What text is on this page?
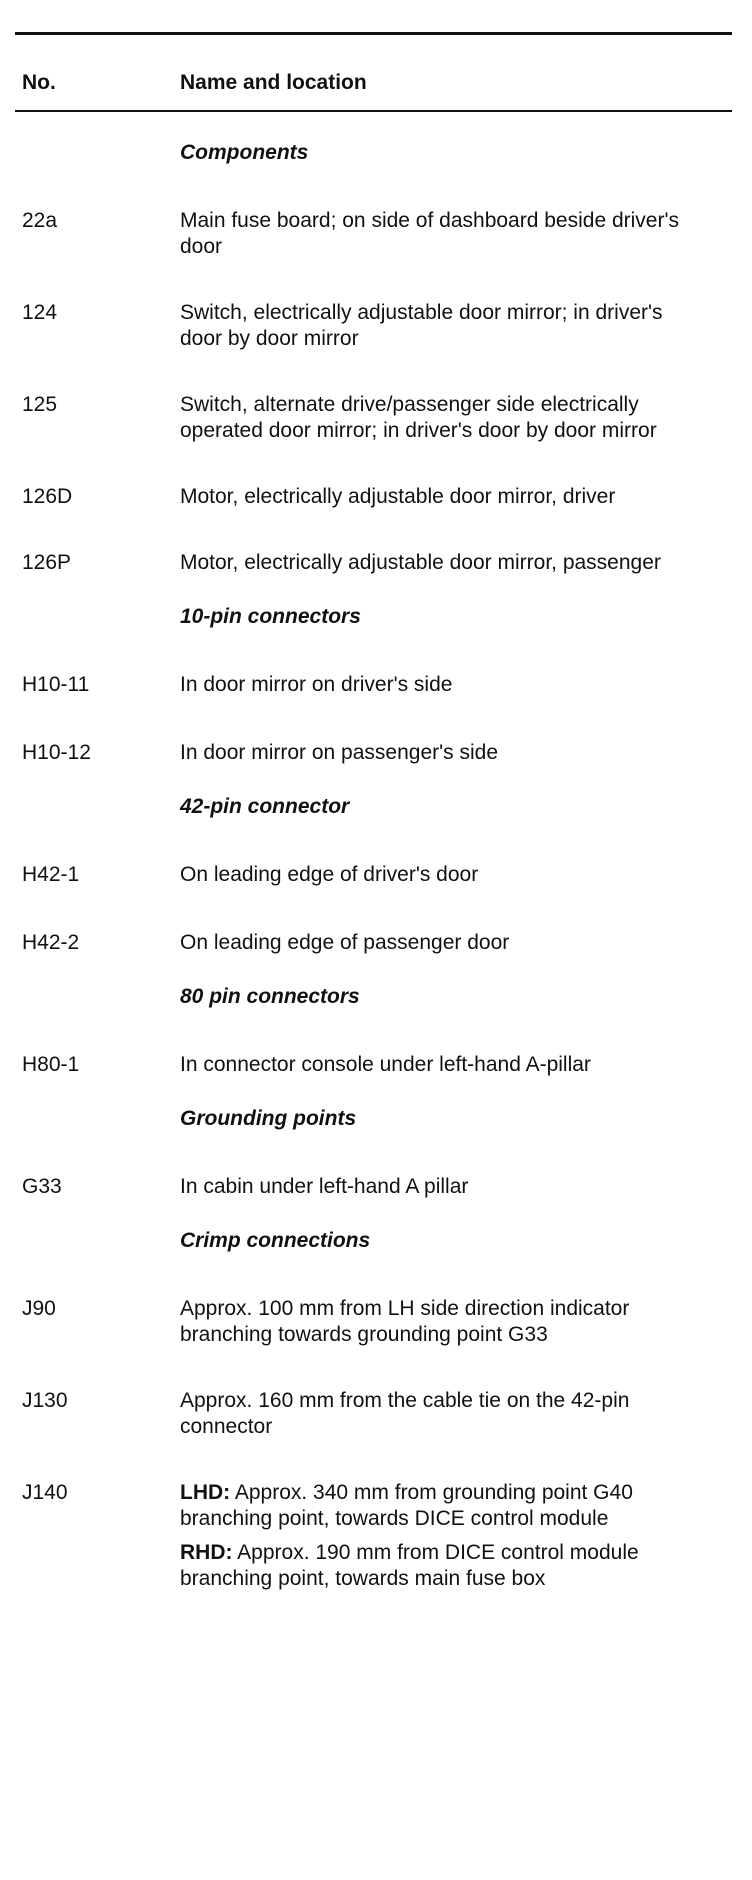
No.	Name and location
Components
22a	Main fuse board; on side of dashboard beside driver's door
124	Switch, electrically adjustable door mirror; in driver's door by door mirror
125	Switch, alternate drive/passenger side electrically operated door mirror; in driver's door by door mirror
126D	Motor, electrically adjustable door mirror, driver
126P	Motor, electrically adjustable door mirror, passenger
10-pin connectors
H10-11	In door mirror on driver's side
H10-12	In door mirror on passenger's side
42-pin connector
H42-1	On leading edge of driver's door
H42-2	On leading edge of passenger door
80 pin connectors
H80-1	In connector console under left-hand A-pillar
Grounding points
G33	In cabin under left-hand A pillar
Crimp connections
J90	Approx. 100 mm from LH side direction indicator branching towards grounding point G33
J130	Approx. 160 mm from the cable tie on the 42-pin connector
J140	LHD: Approx. 340 mm from grounding point G40 branching point, towards DICE control module
RHD: Approx. 190 mm from DICE control module branching point, towards main fuse box
